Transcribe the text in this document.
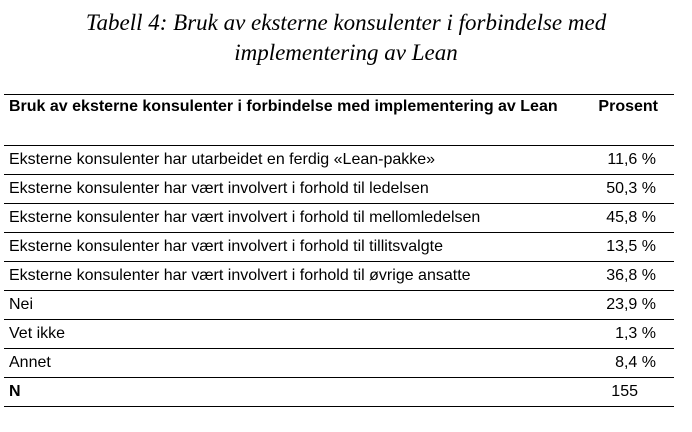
Tabell 4: Bruk av eksterne konsulenter i forbindelse med
implementering av Lean
Bruk av eksterne konsulenter i forbindelse med implementering av Lean	Prosent
Eksterne konsulenter har utarbeidet en ferdig «Lean-pakke»	11,6 %
Eksterne konsulenter har vært involvert i forhold til ledelsen	50,3 %
Eksterne konsulenter har vært involvert i forhold til mellomledelsen	45,8 %
Eksterne konsulenter har vært involvert i forhold til tillitsvalgte	13,5 %
Eksterne konsulenter har vært involvert i forhold til øvrige ansatte	36,8 %
Nei	23,9 %
Vet ikke	1,3 %
Annet	8,4 %
N	155
